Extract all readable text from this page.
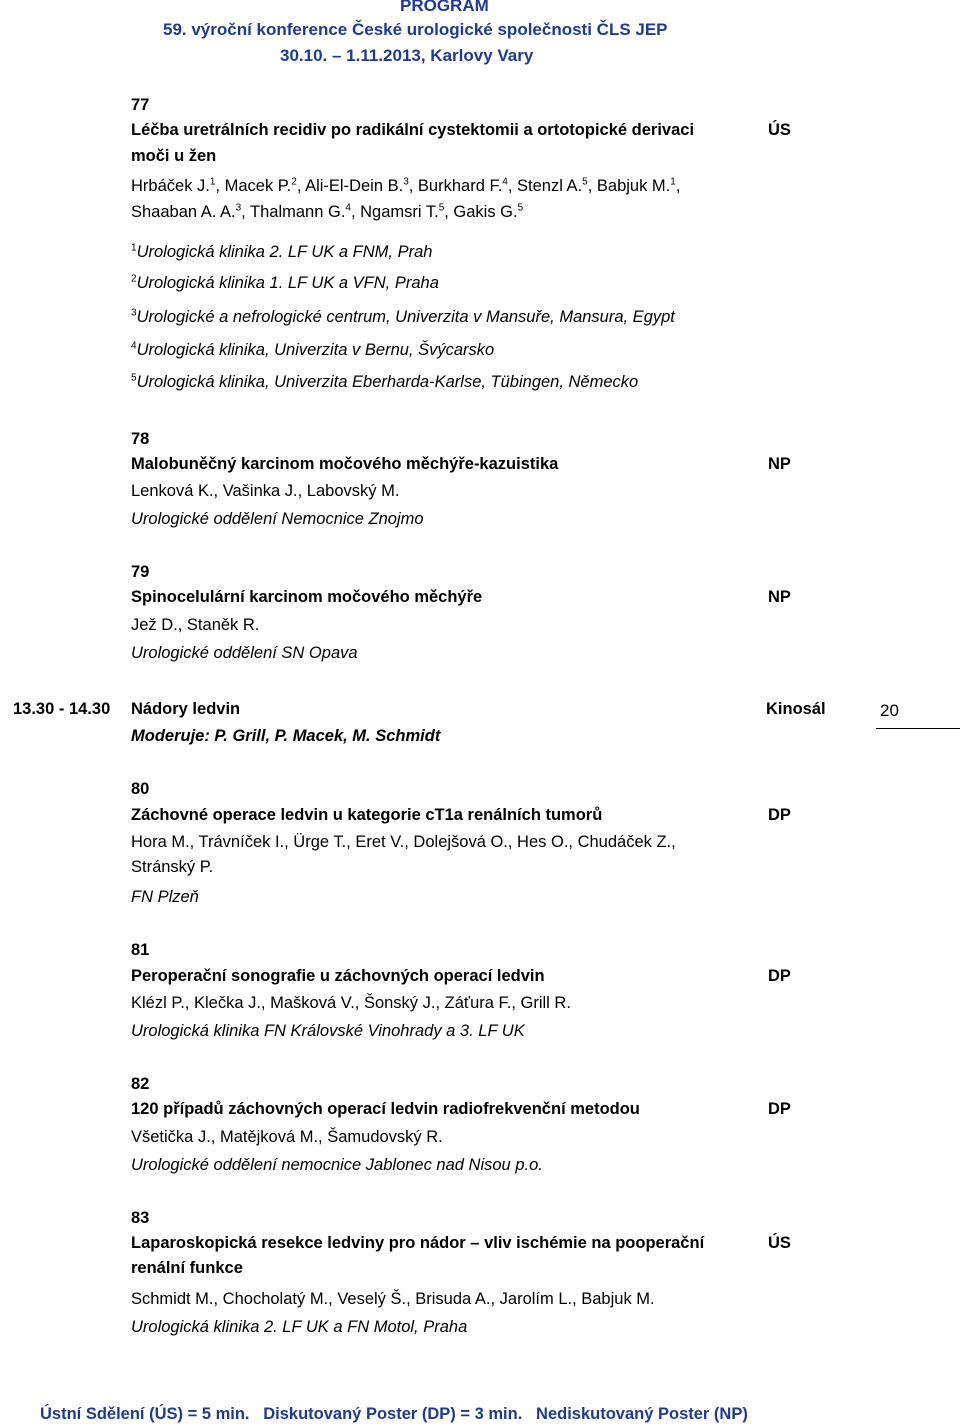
PROGRAM
59. výroční konference České urologické společnosti ČLS JEP
30.10. – 1.11.2013, Karlovy Vary
77
Léčba uretrálních recidiv po radikální cystektomii a ortotopické derivaci	ÚS
moči u žen
Hrbáček J.$^1$, Macek P.$^2$, Ali-El-Dein B.$^3$, Burkhard F.$^4$, Stenzl A.$^5$, Babjuk M.$^1$,
Shaaban A. A.$^3$, Thalmann G.$^4$, Ngamsri T.$^5$, Gakis G.$^5$
$^1$Urologická klinika 2. LF UK a FNM, Prah
$^2$Urologická klinika 1. LF UK a VFN, Praha
$^3$Urologické a nefrologické centrum, Univerzita v Mansuře, Mansura, Egypt
$^4$Urologická klinika, Univerzita v Bernu, Švýcarsko
$^5$Urologická klinika, Univerzita Eberharda-Karlse, Tübingen, Německo
78
Malobuněčný karcinom močového měchýře-kazuistika	NP
Lenková K., Vašinka J., Labovský M.
Urologické oddělení Nemocnice Znojmo
79
Spinocelulární karcinom močového měchýře	NP
Jež D., Staněk R.
Urologické oddělení SN Opava
13.30 - 14.30 Nádory ledvin	Kinosál	20
Moderuje: P. Grill, P. Macek, M. Schmidt
80
Záchovné operace ledvin u kategorie cT1a renálních tumorů	DP
Hora M., Trávníček I., Ürge T., Eret V., Dolejšová O., Hes O., Chudáček Z.,
Stránský P.
FN Plzeň
81
Peroperační sonografie u záchovných operací ledvin	DP
Klézl P., Klečka J., Mašková V., Šonský J., Záťura F., Grill R.
Urologická klinika FN Královské Vinohrady a 3. LF UK
82
120 případů záchovných operací ledvin radiofrekvenční metodou	DP
Všetička J., Matějková M., Šamudovský R.
Urologické oddělení nemocnice Jablonec nad Nisou p.o.
83
Laparoskopická resekce ledviny pro nádor – vliv ischémie na pooperační	ÚS
renální funkce
Schmidt M., Chocholatý M., Veselý Š., Brisuda A., Jarolím L., Babjuk M.
Urologická klinika 2. LF UK a FN Motol, Praha
Ústní Sdělení (ÚS) = 5 min.   Diskutovaný Poster (DP) = 3 min.   Nediskutovaný Poster (NP)
